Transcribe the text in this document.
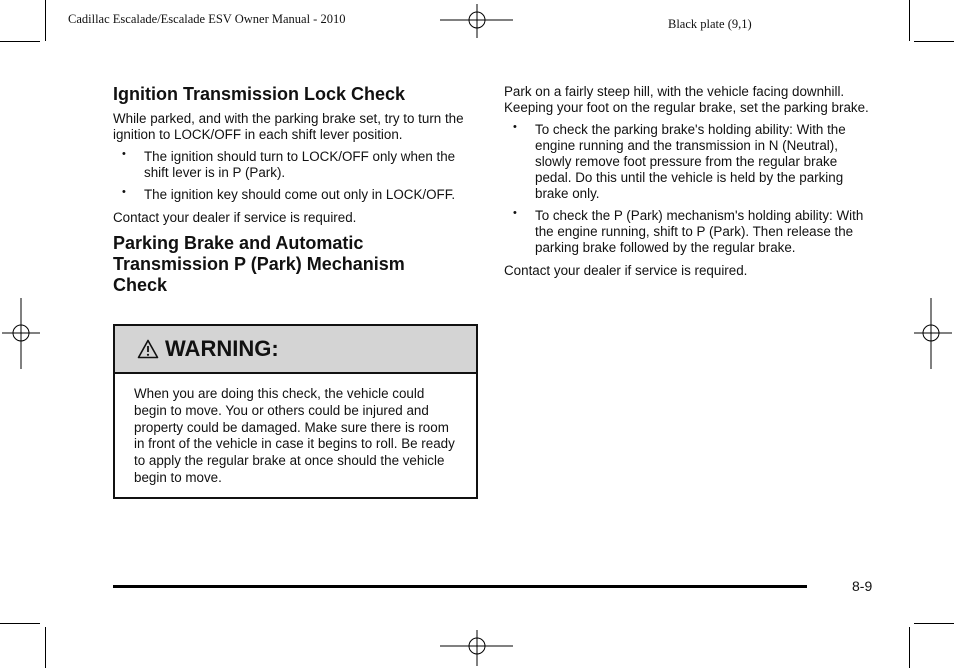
Cadillac Escalade/Escalade ESV Owner Manual - 2010	Black plate (9,1)
Ignition Transmission Lock Check

While parked, and with the parking brake set, try to turn the ignition to LOCK/OFF in each shift lever position.

• The ignition should turn to LOCK/OFF only when the shift lever is in P (Park).
• The ignition key should come out only in LOCK/OFF.

Contact your dealer if service is required.

Parking Brake and Automatic Transmission P (Park) Mechanism Check
WARNING:
When you are doing this check, the vehicle could begin to move. You or others could be injured and property could be damaged. Make sure there is room in front of the vehicle in case it begins to roll. Be ready to apply the regular brake at once should the vehicle begin to move.

Park on a fairly steep hill, with the vehicle facing downhill. Keeping your foot on the regular brake, set the parking brake.

• To check the parking brake's holding ability: With the engine running and the transmission in N (Neutral), slowly remove foot pressure from the regular brake pedal. Do this until the vehicle is held by the parking brake only.
• To check the P (Park) mechanism's holding ability: With the engine running, shift to P (Park). Then release the parking brake followed by the regular brake.

Contact your dealer if service is required.

8-9
